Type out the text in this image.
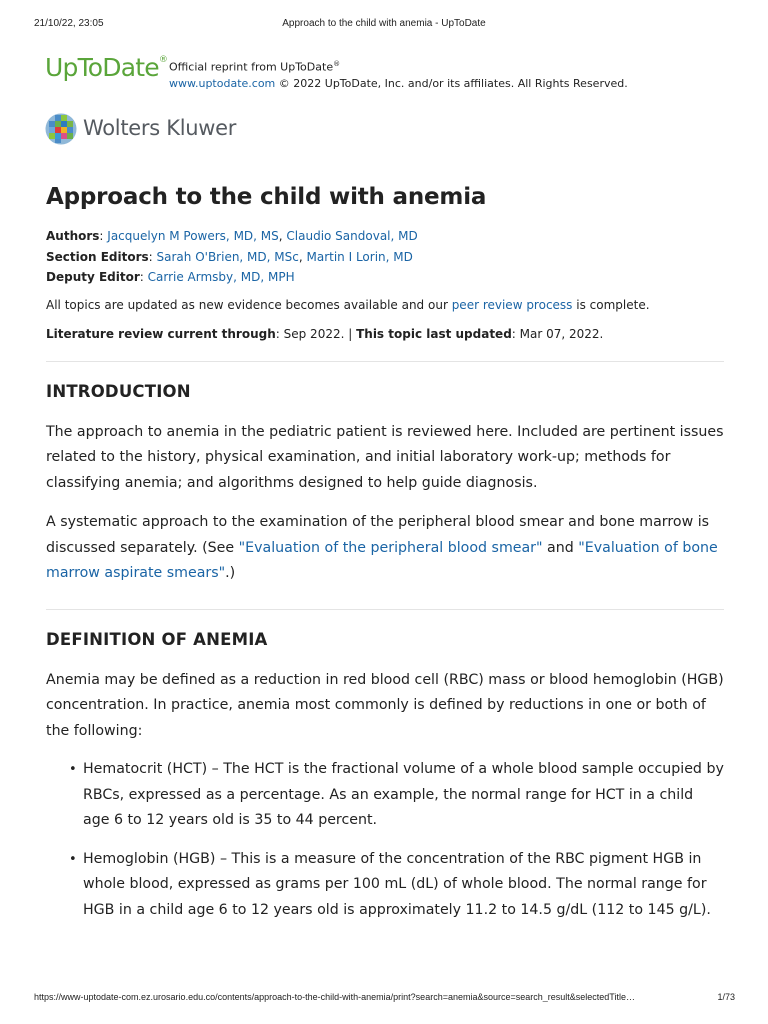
21/10/22, 23:05	Approach to the child with anemia - UpToDate
UpToDate®
Official reprint from UpToDate®
www.uptodate.com © 2022 UpToDate, Inc. and/or its affiliates. All Rights Reserved.
Wolters Kluwer
Approach to the child with anemia
Authors: Jacquelyn M Powers, MD, MS, Claudio Sandoval, MD
Section Editors: Sarah O'Brien, MD, MSc, Martin I Lorin, MD
Deputy Editor: Carrie Armsby, MD, MPH
All topics are updated as new evidence becomes available and our peer review process is complete.
Literature review current through: Sep 2022. | This topic last updated: Mar 07, 2022.
INTRODUCTION

The approach to anemia in the pediatric patient is reviewed here. Included are pertinent issues related to the history, physical examination, and initial laboratory work-up; methods for classifying anemia; and algorithms designed to help guide diagnosis.

A systematic approach to the examination of the peripheral blood smear and bone marrow is discussed separately. (See "Evaluation of the peripheral blood smear" and "Evaluation of bone marrow aspirate smears".)

DEFINITION OF ANEMIA

Anemia may be defined as a reduction in red blood cell (RBC) mass or blood hemoglobin (HGB) concentration. In practice, anemia most commonly is defined by reductions in one or both of the following:

• Hematocrit (HCT) – The HCT is the fractional volume of a whole blood sample occupied by RBCs, expressed as a percentage. As an example, the normal range for HCT in a child age 6 to 12 years old is 35 to 44 percent.
• Hemoglobin (HGB) – This is a measure of the concentration of the RBC pigment HGB in whole blood, expressed as grams per 100 mL (dL) of whole blood. The normal range for HGB in a child age 6 to 12 years old is approximately 11.2 to 14.5 g/dL (112 to 145 g/L).
https://www-uptodate-com.ez.urosario.edu.co/contents/approach-to-the-child-with-anemia/print?search=anemia&source=search_result&selectedTitle…	1/73
